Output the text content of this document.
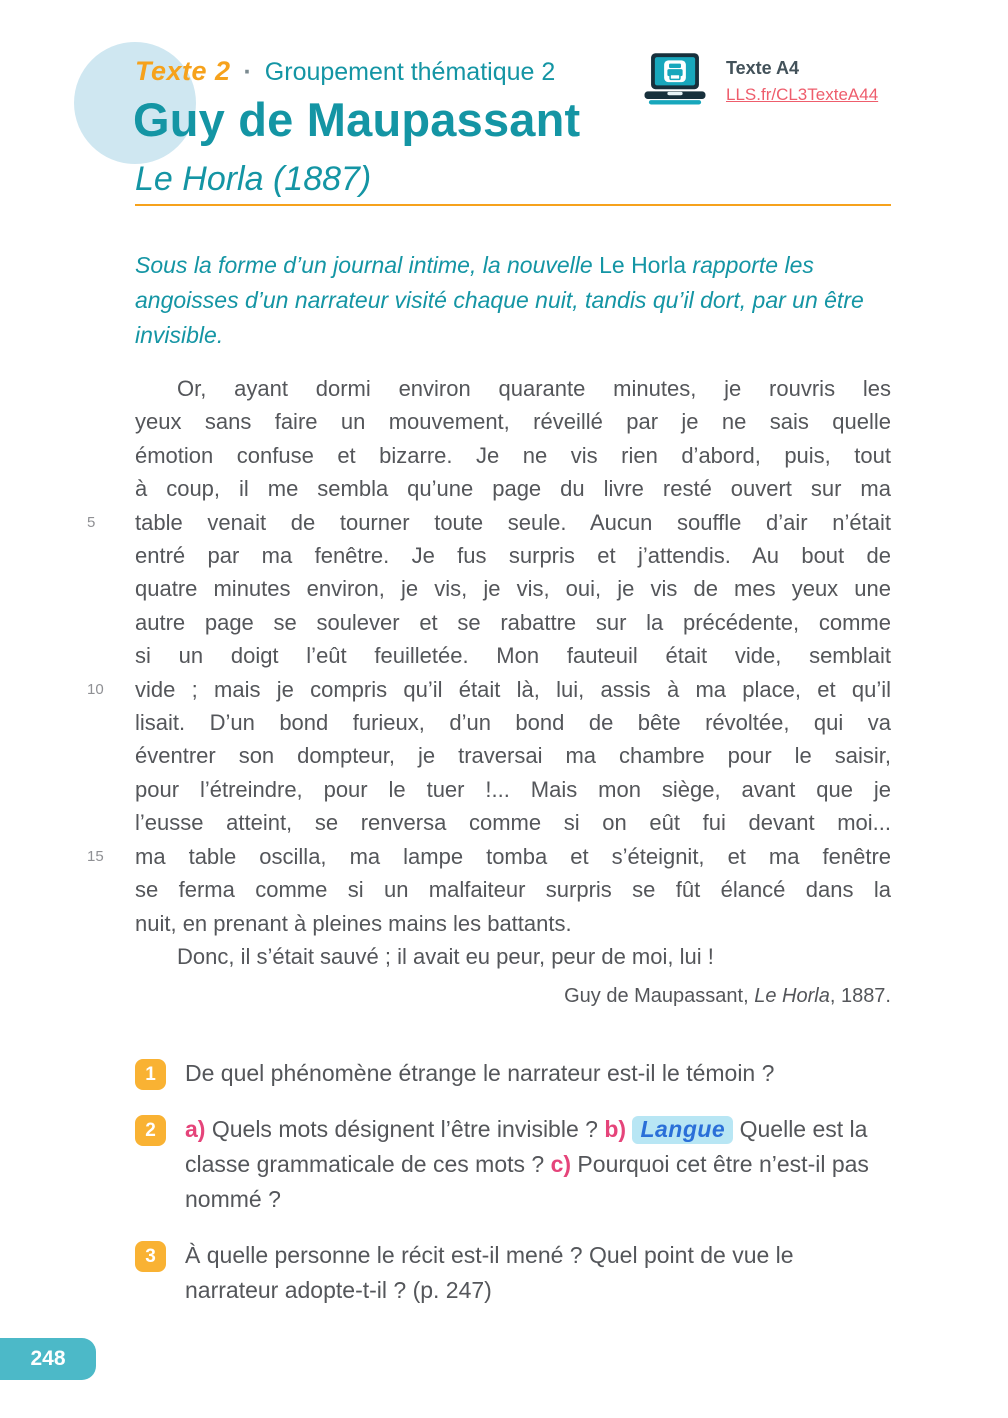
Texte 2 · Groupement thématique 2
Guy de Maupassant
Le Horla (1887)
Texte A4
LLS.fr/CL3TexteA44

Sous la forme d’un journal intime, la nouvelle Le Horla rapporte les angoisses d’un narrateur visité chaque nuit, tandis qu’il dort, par un être invisible.

Or, ayant dormi environ quarante minutes, je rouvris les
yeux sans faire un mouvement, réveillé par je ne sais quelle
émotion confuse et bizarre. Je ne vis rien d’abord, puis, tout
à coup, il me sembla qu’une page du livre resté ouvert sur ma
5	table venait de tourner toute seule. Aucun souffle d’air n’était
entré par ma fenêtre. Je fus surpris et j’attendis. Au bout de
quatre minutes environ, je vis, je vis, oui, je vis de mes yeux une
autre page se soulever et se rabattre sur la précédente, comme
si un doigt l’eût feuilletée. Mon fauteuil était vide, semblait
10	vide ; mais je compris qu’il était là, lui, assis à ma place, et qu’il
lisait. D’un bond furieux, d’un bond de bête révoltée, qui va
éventrer son dompteur, je traversai ma chambre pour le saisir,
pour l’étreindre, pour le tuer !... Mais mon siège, avant que je
l’eusse atteint, se renversa comme si on eût fui devant moi...
15	ma table oscilla, ma lampe tomba et s’éteignit, et ma fenêtre
se ferma comme si un malfaiteur surpris se fût élancé dans la
nuit, en prenant à pleines mains les battants.
Donc, il s’était sauvé ; il avait eu peur, peur de moi, lui !
Guy de Maupassant, Le Horla, 1887.
1	De quel phénomène étrange le narrateur est-il le témoin ?
2	a) Quels mots désignent l’être invisible ? b) Langue Quelle est la classe grammaticale de ces mots ? c) Pourquoi cet être n’est-il pas nommé ?
3	À quelle personne le récit est-il mené ? Quel point de vue le narrateur adopte-t-il ? (p. 247)
248
